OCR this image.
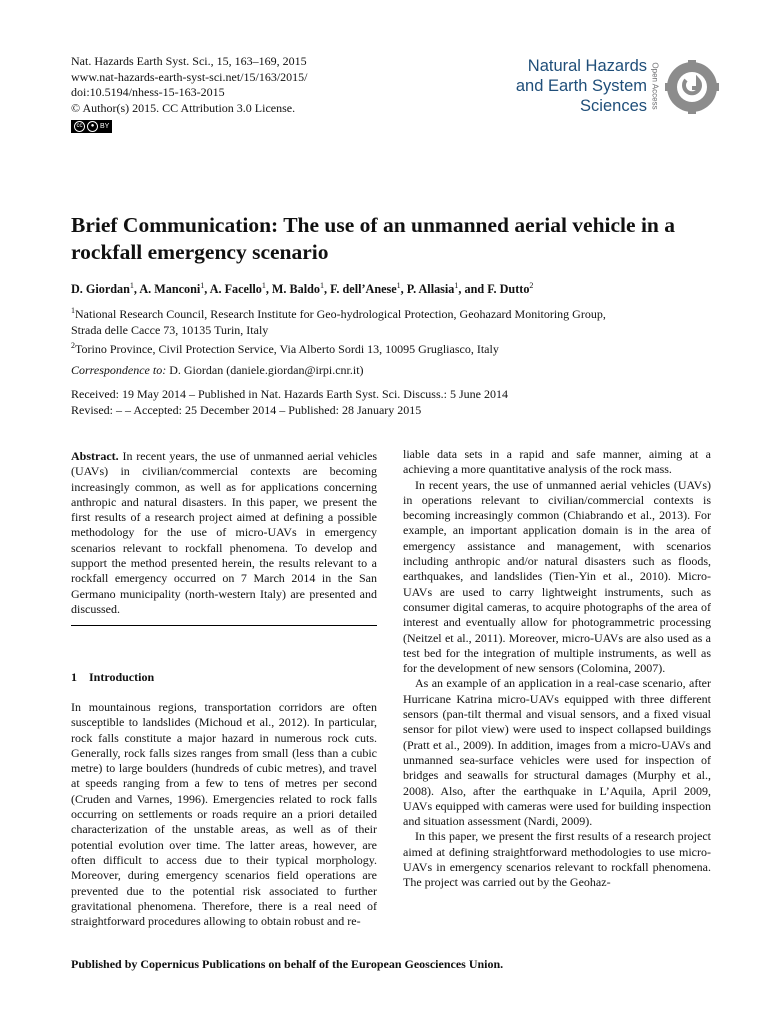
Nat. Hazards Earth Syst. Sci., 15, 163–169, 2015
www.nat-hazards-earth-syst-sci.net/15/163/2015/
doi:10.5194/nhess-15-163-2015
© Author(s) 2015. CC Attribution 3.0 License.
cc	● BY
Natural Hazards
and Earth System
Sciences Open Access
Brief Communication: The use of an unmanned aerial vehicle in a rockfall emergency scenario
D. Giordan$^1$, A. Manconi$^1$, A. Facello$^1$, M. Baldo$^1$, F. dell’Anese$^1$, P. Allasia$^1$, and F. Dutto$^2$
$^1$National Research Council, Research Institute for Geo-hydrological Protection, Geohazard Monitoring Group,
Strada delle Cacce 73, 10135 Turin, Italy
$^2$Torino Province, Civil Protection Service, Via Alberto Sordi 13, 10095 Grugliasco, Italy
Correspondence to: D. Giordan (daniele.giordan@irpi.cnr.it)
Received: 19 May 2014 – Published in Nat. Hazards Earth Syst. Sci. Discuss.: 5 June 2014
Revised: – – Accepted: 25 December 2014 – Published: 28 January 2015

Abstract. In recent years, the use of unmanned aerial vehicles (UAVs) in civilian/commercial contexts are becoming increasingly common, as well as for applications concerning anthropic and natural disasters. In this paper, we present the first results of a research project aimed at defining a possible methodology for the use of micro-UAVs in emergency scenarios relevant to rockfall phenomena. To develop and support the method presented herein, the results relevant to a rockfall emergency occurred on 7 March 2014 in the San Germano municipality (north-western Italy) are presented and discussed.

1 Introduction

In mountainous regions, transportation corridors are often susceptible to landslides (Michoud et al., 2012). In particular, rock falls constitute a major hazard in numerous rock cuts. Generally, rock falls sizes ranges from small (less than a cubic metre) to large boulders (hundreds of cubic metres), and travel at speeds ranging from a few to tens of metres per second (Cruden and Varnes, 1996). Emergencies related to rock falls occurring on settlements or roads require an a priori detailed characterization of the unstable areas, as well as of their potential evolution over time. The latter areas, however, are often difficult to access due to their typical morphology. Moreover, during emergency scenarios field operations are prevented due to the potential risk associated to further gravitational phenomena. Therefore, there is a real need of straightforward procedures allowing to obtain robust and re-

liable data sets in a rapid and safe manner, aiming at a achieving a more quantitative analysis of the rock mass.

In recent years, the use of unmanned aerial vehicles (UAVs) in operations relevant to civilian/commercial contexts is becoming increasingly common (Chiabrando et al., 2013). For example, an important application domain is in the area of emergency assistance and management, with scenarios including anthropic and/or natural disasters such as floods, earthquakes, and landslides (Tien-Yin et al., 2010). Micro-UAVs are used to carry lightweight instruments, such as consumer digital cameras, to acquire photographs of the area of interest and eventually allow for photogrammetric processing (Neitzel et al., 2011). Moreover, micro-UAVs are also used as a test bed for the integration of multiple instruments, as well as for the development of new sensors (Colomina, 2007).

As an example of an application in a real-case scenario, after Hurricane Katrina micro-UAVs equipped with three different sensors (pan-tilt thermal and visual sensors, and a fixed visual sensor for pilot view) were used to inspect collapsed buildings (Pratt et al., 2009). In addition, images from a micro-UAVs and unmanned sea-surface vehicles were used for inspection of bridges and seawalls for structural damages (Murphy et al., 2008). Also, after the earthquake in L’Aquila, April 2009, UAVs equipped with cameras were used for building inspection and situation assessment (Nardi, 2009).

In this paper, we present the first results of a research project aimed at defining straightforward methodologies to use micro-UAVs in emergency scenarios relevant to rockfall phenomena. The project was carried out by the Geohaz-

Published by Copernicus Publications on behalf of the European Geosciences Union.
